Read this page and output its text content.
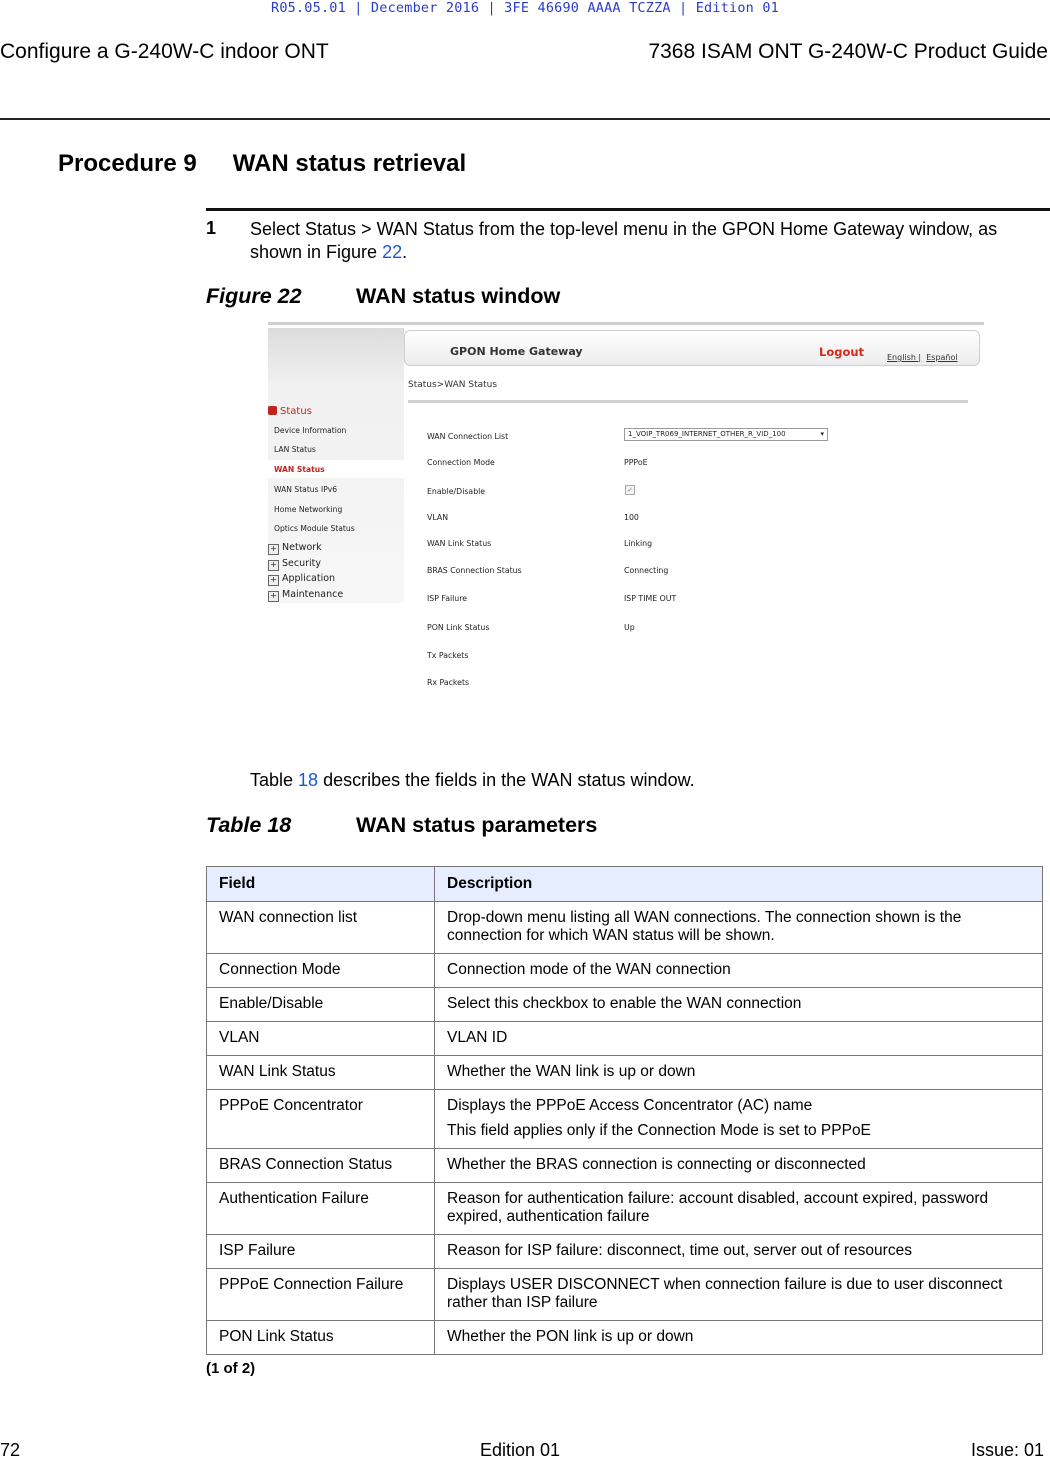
R05.05.01 | December 2016 | 3FE 46690 AAAA TCZZA | Edition 01
Configure a G-240W-C indoor ONT	7368 ISAM ONT G-240W-C Product Guide
Procedure 9 WAN status retrieval
1 Select Status > WAN Status from the top-level menu in the GPON Home Gateway window, as shown in Figure 22.
Figure 22	WAN status window
GPON Home Gateway	Logout	English | Español
Status>WAN Status
Status
Device Information
LAN Status
WAN Status
WAN Status IPv6
Home Networking
Optics Module Status
+ Network
+ Security
+ Application
+ Maintenance
WAN Connection List	1_VOIP_TR069_INTERNET_OTHER_R_VID_100	▾
Connection Mode	PPPoE
Enable/Disable	✓
VLAN	100
WAN Link Status	Linking
BRAS Connection Status	Connecting
ISP Failure	ISP TIME OUT
PON Link Status	Up
Tx Packets
Rx Packets
Table 18 describes the fields in the WAN status window.
Table 18	WAN status parameters
Field	Description
WAN connection list	Drop-down menu listing all WAN connections. The connection shown is the connection for which WAN status will be shown.

Connection Mode	Connection mode of the WAN connection

Enable/Disable	Select this checkbox to enable the WAN connection

VLAN	VLAN ID

WAN Link Status	Whether the WAN link is up or down

PPPoE Concentrator	Displays the PPPoE Access Concentrator (AC) name

This field applies only if the Connection Mode is set to PPPoE

BRAS Connection Status	Whether the BRAS connection is connecting or disconnected

Authentication Failure	Reason for authentication failure: account disabled, account expired, password expired, authentication failure

ISP Failure	Reason for ISP failure: disconnect, time out, server out of resources

PPPoE Connection Failure	Displays USER DISCONNECT when connection failure is due to user disconnect rather than ISP failure

PON Link Status	Whether the PON link is up or down

(1 of 2)
72	Edition 01	Issue: 01
